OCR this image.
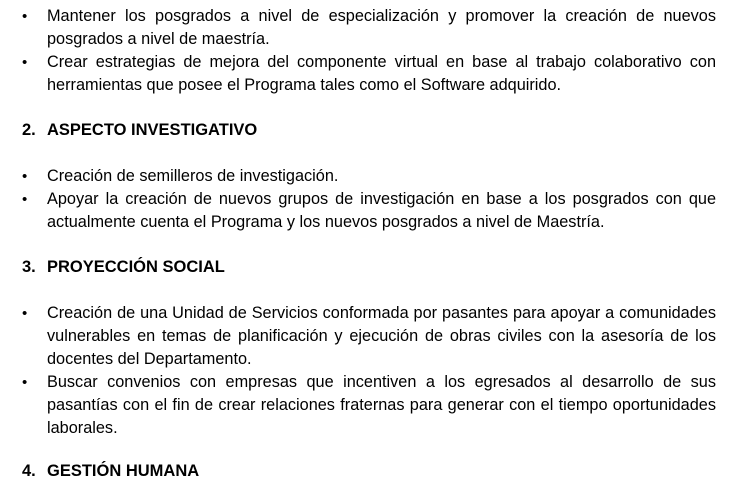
• Mantener los posgrados a nivel de especialización y promover la creación de nuevos posgrados a nivel de maestría.
• Crear estrategias de mejora del componente virtual en base al trabajo colaborativo con herramientas que posee el Programa tales como el Software adquirido.
2. ASPECTO INVESTIGATIVO
• Creación de semilleros de investigación.
• Apoyar la creación de nuevos grupos de investigación en base a los posgrados con que actualmente cuenta el Programa y los nuevos posgrados a nivel de Maestría.
3. PROYECCIÓN SOCIAL
• Creación de una Unidad de Servicios conformada por pasantes para apoyar a comunidades vulnerables en temas de planificación y ejecución de obras civiles con la asesoría de los docentes del Departamento.
• Buscar convenios con empresas que incentiven a los egresados al desarrollo de sus pasantías con el fin de crear relaciones fraternas para generar con el tiempo oportunidades laborales.
4. GESTIÓN HUMANA
